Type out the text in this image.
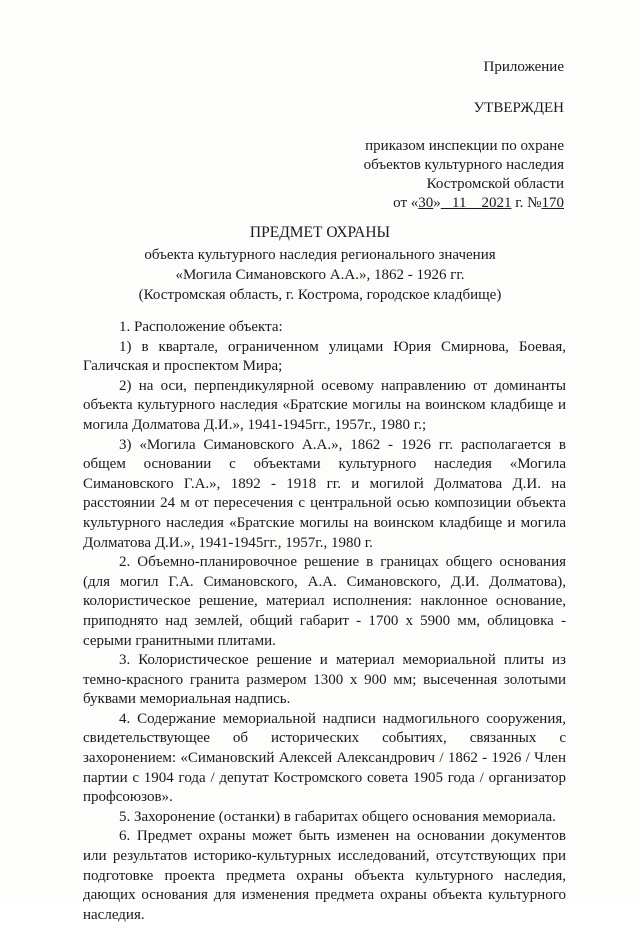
Приложение
УТВЕРЖДЕН
приказом инспекции по охране
объектов культурного наследия
Костромской области
от «30» 11 2021 г. №170
ПРЕДМЕТ ОХРАНЫ
объекта культурного наследия регионального значения
«Могила Симановского А.А.», 1862 - 1926 гг.
(Костромская область, г. Кострома, городское кладбище)

1. Расположение объекта:

1) в квартале, ограниченном улицами Юрия Смирнова, Боевая, Галичская и проспектом Мира;

2) на оси, перпендикулярной осевому направлению от доминанты объекта культурного наследия «Братские могилы на воинском кладбище и могила Долматова Д.И.», 1941-1945гг., 1957г., 1980 г.;

3) «Могила Симановского А.А.», 1862 - 1926 гг. располагается в общем основании с объектами культурного наследия «Могила Симановского Г.А.», 1892 - 1918 гг. и могилой Долматова Д.И. на расстоянии 24 м от пересечения с центральной осью композиции объекта культурного наследия «Братские могилы на воинском кладбище и могила Долматова Д.И.», 1941-1945гг., 1957г., 1980 г.

2. Объемно-планировочное решение в границах общего основания (для могил Г.А. Симановского, А.А. Симановского, Д.И. Долматова), колористическое решение, материал исполнения: наклонное основание, приподнято над землей, общий габарит - 1700 х 5900 мм, облицовка - серыми гранитными плитами.

3. Колористическое решение и материал мемориальной плиты из темно-красного гранита размером 1300 х 900 мм; высеченная золотыми буквами мемориальная надпись.

4. Содержание мемориальной надписи надмогильного сооружения, свидетельствующее об исторических событиях, связанных с захоронением: «Симановский Алексей Александрович / 1862 - 1926 / Член партии с 1904 года / депутат Костромского совета 1905 года / организатор профсоюзов».

5. Захоронение (останки) в габаритах общего основания мемориала.

6. Предмет охраны может быть изменен на основании документов или результатов историко-культурных исследований, отсутствующих при подготовке проекта предмета охраны объекта культурного наследия, дающих основания для изменения предмета охраны объекта культурного наследия.
